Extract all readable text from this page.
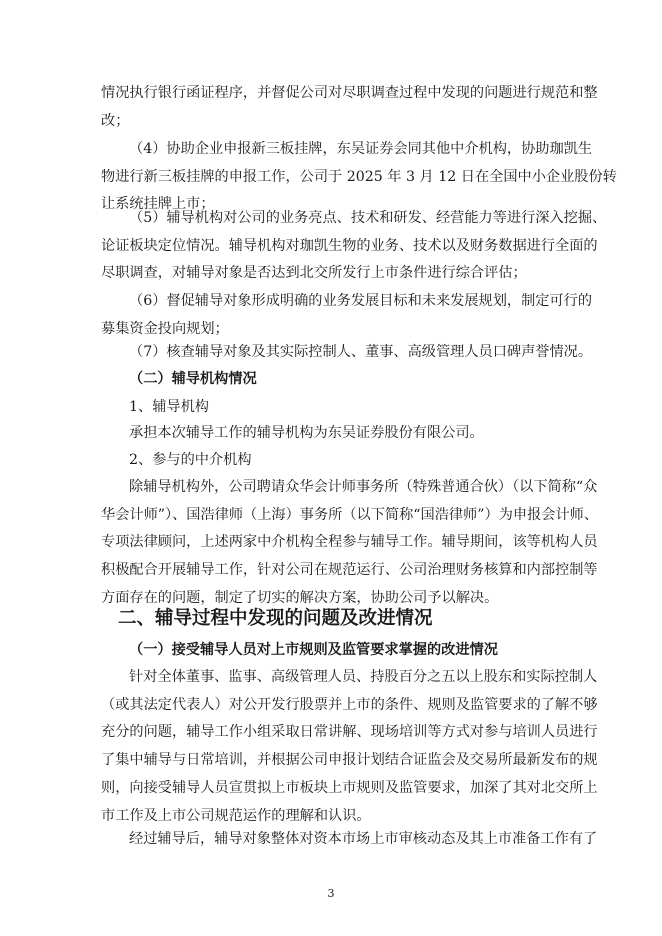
情况执行银行函证程序，并督促公司对尽职调查过程中发现的问题进行规范和整
改；
（4）协助企业申报新三板挂牌，东吴证券会同其他中介机构，协助珈凯生
物进行新三板挂牌的申报工作，公司于 2025 年 3 月 12 日在全国中小企业股份转
让系统挂牌上市；
（5）辅导机构对公司的业务亮点、技术和研发、经营能力等进行深入挖掘、
论证板块定位情况。辅导机构对珈凯生物的业务、技术以及财务数据进行全面的
尽职调查，对辅导对象是否达到北交所发行上市条件进行综合评估；
（6）督促辅导对象形成明确的业务发展目标和未来发展规划，制定可行的
募集资金投向规划；
（7）核查辅导对象及其实际控制人、董事、高级管理人员口碑声誉情况。
（二）辅导机构情况
1、辅导机构
承担本次辅导工作的辅导机构为东吴证券股份有限公司。
2、参与的中介机构
除辅导机构外，公司聘请众华会计师事务所（特殊普通合伙）（以下简称“众
华会计师”）、国浩律师（上海）事务所（以下简称“国浩律师”）为申报会计师、
专项法律顾问，上述两家中介机构全程参与辅导工作。辅导期间，该等机构人员
积极配合开展辅导工作，针对公司在规范运行、公司治理财务核算和内部控制等
方面存在的问题，制定了切实的解决方案，协助公司予以解决。
二、辅导过程中发现的问题及改进情况
（一）接受辅导人员对上市规则及监管要求掌握的改进情况
针对全体董事、监事、高级管理人员、持股百分之五以上股东和实际控制人
（或其法定代表人）对公开发行股票并上市的条件、规则及监管要求的了解不够
充分的问题，辅导工作小组采取日常讲解、现场培训等方式对参与培训人员进行
了集中辅导与日常培训，并根据公司申报计划结合证监会及交易所最新发布的规
则，向接受辅导人员宣贯拟上市板块上市规则及监管要求，加深了其对北交所上
市工作及上市公司规范运作的理解和认识。
经过辅导后，辅导对象整体对资本市场上市审核动态及其上市准备工作有了
3
